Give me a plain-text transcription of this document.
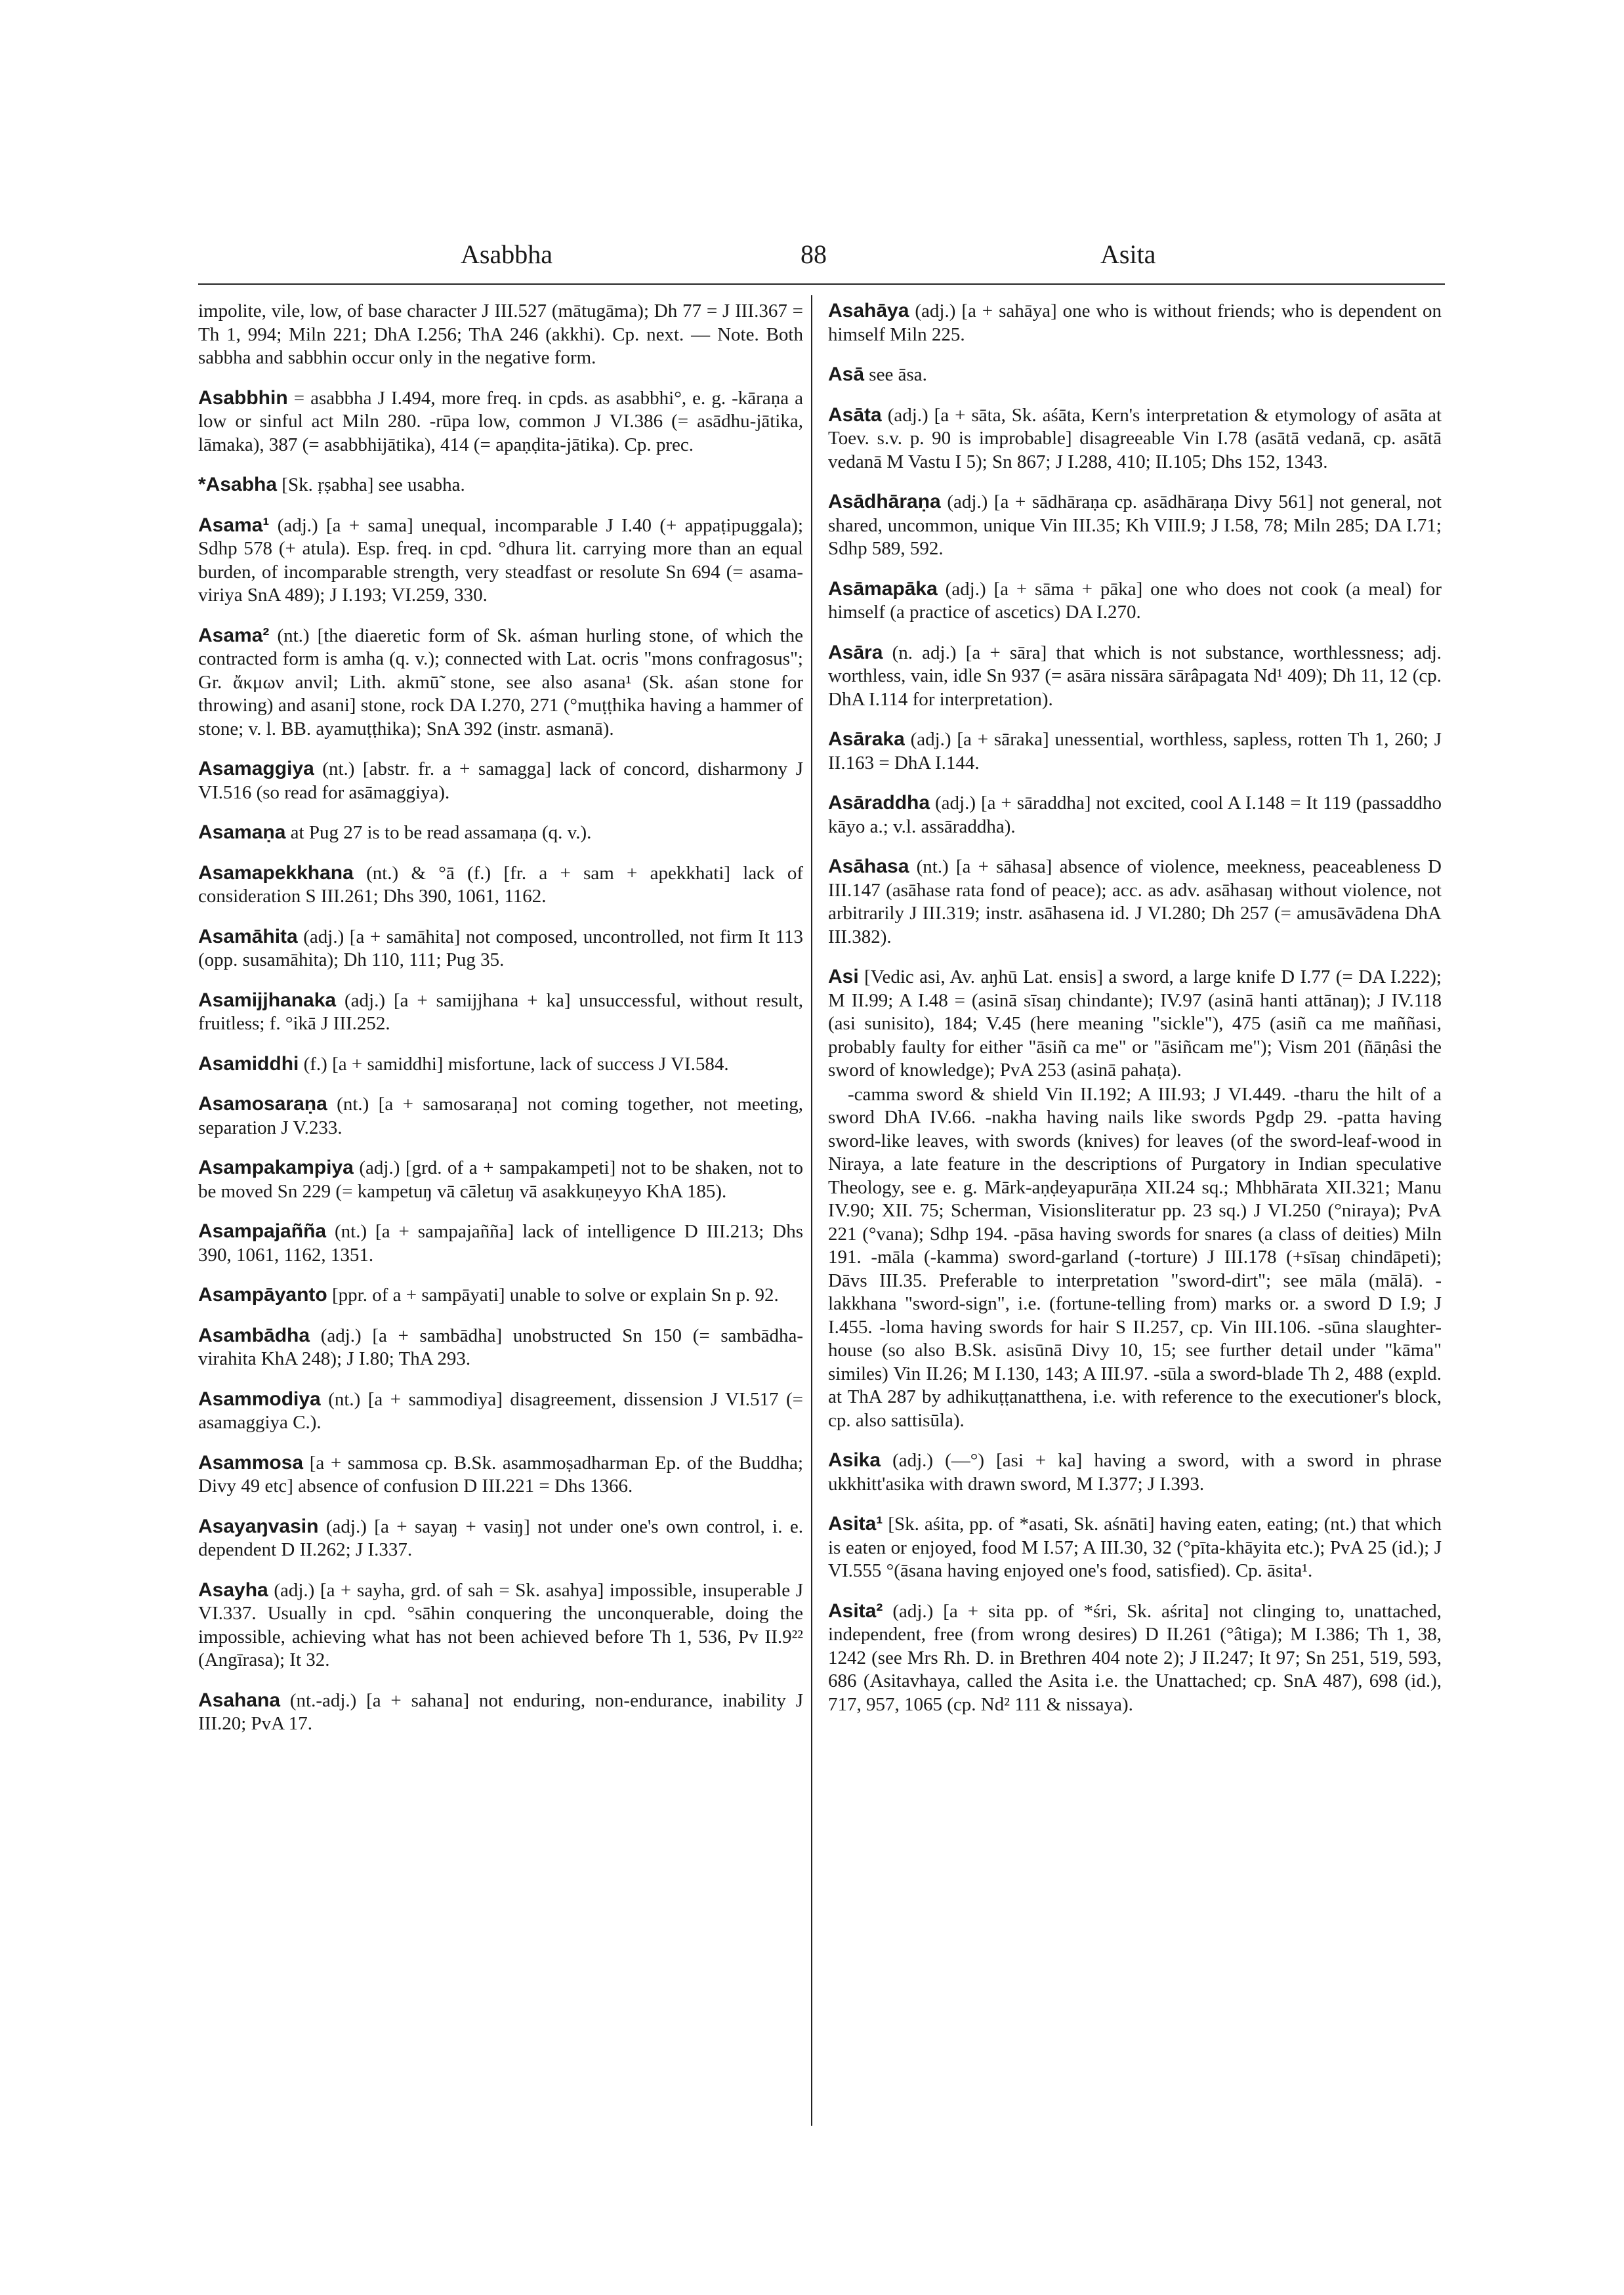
Asabbha	88	Asita

impolite, vile, low, of base character J III.527 (mātugāma); Dh 77 = J III.367 = Th 1, 994; Miln 221; DhA I.256; ThA 246 (akkhi). Cp. next. — Note. Both sabbha and sabbhin occur only in the negative form.

Asabbhin = asabbha J I.494, more freq. in cpds. as asabbhi°, e. g. -kāraṇa a low or sinful act Miln 280. -rūpa low, common J VI.386 (= asādhu-jātika, lāmaka), 387 (= asabbhijātika), 414 (= apaṇḍita-jātika). Cp. prec.

*Asabha [Sk. ṛṣabha] see usabha.

Asama¹ (adj.) [a + sama] unequal, incomparable J I.40 (+ appaṭipuggala); Sdhp 578 (+ atula). Esp. freq. in cpd. °dhura lit. carrying more than an equal burden, of incomparable strength, very steadfast or resolute Sn 694 (= asama-viriya SnA 489); J I.193; VI.259, 330.

Asama² (nt.) [the diaeretic form of Sk. aśman hurling stone, of which the contracted form is amha (q. v.); connected with Lat. ocris "mons confragosus"; Gr. ἄκμων anvil; Lith. akmū̃ stone, see also asana¹ (Sk. aśan stone for throwing) and asani] stone, rock DA I.270, 271 (°muṭṭhika having a hammer of stone; v. l. BB. ayamuṭṭhika); SnA 392 (instr. asmanā).

Asamaggiya (nt.) [abstr. fr. a + samagga] lack of concord, disharmony J VI.516 (so read for asāmaggiya).

Asamaṇa at Pug 27 is to be read assamaṇa (q. v.).

Asamapekkhana (nt.) & °ā (f.) [fr. a + sam + apekkhati] lack of consideration S III.261; Dhs 390, 1061, 1162.

Asamāhita (adj.) [a + samāhita] not composed, uncontrolled, not firm It 113 (opp. susamāhita); Dh 110, 111; Pug 35.

Asamijjhanaka (adj.) [a + samijjhana + ka] unsuccessful, without result, fruitless; f. °ikā J III.252.

Asamiddhi (f.) [a + samiddhi] misfortune, lack of success J VI.584.

Asamosaraṇa (nt.) [a + samosaraṇa] not coming together, not meeting, separation J V.233.

Asampakampiya (adj.) [grd. of a + sampakampeti] not to be shaken, not to be moved Sn 229 (= kampetuŋ vā cāletuŋ vā asakkuṇeyyo KhA 185).

Asampajañña (nt.) [a + sampajañña] lack of intelligence D III.213; Dhs 390, 1061, 1162, 1351.

Asampāyanto [ppr. of a + sampāyati] unable to solve or explain Sn p. 92.

Asambādha (adj.) [a + sambādha] unobstructed Sn 150 (= sambādha-virahita KhA 248); J I.80; ThA 293.

Asammodiya (nt.) [a + sammodiya] disagreement, dissension J VI.517 (= asamaggiya C.).

Asammosa [a + sammosa cp. B.Sk. asammoṣadharman Ep. of the Buddha; Divy 49 etc] absence of confusion D III.221 = Dhs 1366.

Asayaŋvasin (adj.) [a + sayaŋ + vasiŋ] not under one's own control, i. e. dependent D II.262; J I.337.

Asayha (adj.) [a + sayha, grd. of sah = Sk. asahya] impossible, insuperable J VI.337. Usually in cpd. °sāhin conquering the unconquerable, doing the impossible, achieving what has not been achieved before Th 1, 536, Pv II.9²² (Angīrasa); It 32.

Asahana (nt.-adj.) [a + sahana] not enduring, non-endurance, inability J III.20; PvA 17.

Asahāya (adj.) [a + sahāya] one who is without friends; who is dependent on himself Miln 225.

Asā see āsa.

Asāta (adj.) [a + sāta, Sk. aśāta, Kern's interpretation & etymology of asāta at Toev. s.v. p. 90 is improbable] disagreeable Vin I.78 (asātā vedanā, cp. asātā vedanā M Vastu I 5); Sn 867; J I.288, 410; II.105; Dhs 152, 1343.

Asādhāraṇa (adj.) [a + sādhāraṇa cp. asādhāraṇa Divy 561] not general, not shared, uncommon, unique Vin III.35; Kh VIII.9; J I.58, 78; Miln 285; DA I.71; Sdhp 589, 592.

Asāmapāka (adj.) [a + sāma + pāka] one who does not cook (a meal) for himself (a practice of ascetics) DA I.270.

Asāra (n. adj.) [a + sāra] that which is not substance, worthlessness; adj. worthless, vain, idle Sn 937 (= asāra nissāra sārâpagata Nd¹ 409); Dh 11, 12 (cp. DhA I.114 for interpretation).

Asāraka (adj.) [a + sāraka] unessential, worthless, sapless, rotten Th 1, 260; J II.163 = DhA I.144.

Asāraddha (adj.) [a + sāraddha] not excited, cool A I.148 = It 119 (passaddho kāyo a.; v.l. assāraddha).

Asāhasa (nt.) [a + sāhasa] absence of violence, meekness, peaceableness D III.147 (asāhase rata fond of peace); acc. as adv. asāhasaŋ without violence, not arbitrarily J III.319; instr. asāhasena id. J VI.280; Dh 257 (= amusāvādena DhA III.382).

Asi [Vedic asi, Av. aŋhū Lat. ensis] a sword, a large knife D I.77 (= DA I.222); M II.99; A I.48 = (asinā sīsaŋ chindante); IV.97 (asinā hanti attānaŋ); J IV.118 (asi sunisito), 184; V.45 (here meaning "sickle"), 475 (asiñ ca me maññasi, probably faulty for either "āsiñ ca me" or "āsiñcam me"); Vism 201 (ñāṇâsi the sword of knowledge); PvA 253 (asinā pahaṭa).

-camma sword & shield Vin II.192; A III.93; J VI.449. -tharu the hilt of a sword DhA IV.66. -nakha having nails like swords Pgdp 29. -patta having sword-like leaves, with swords (knives) for leaves (of the sword-leaf-wood in Niraya, a late feature in the descriptions of Purgatory in Indian speculative Theology, see e. g. Mārk-aṇḍeyapurāṇa XII.24 sq.; Mhbhārata XII.321; Manu IV.90; XII. 75; Scherman, Visionsliteratur pp. 23 sq.) J VI.250 (°niraya); PvA 221 (°vana); Sdhp 194. -pāsa having swords for snares (a class of deities) Miln 191. -māla (-kamma) sword-garland (-torture) J III.178 (+sīsaŋ chindāpeti); Dāvs III.35. Preferable to interpretation "sword-dirt"; see māla (mālā). -lakkhana "sword-sign", i.e. (fortune-telling from) marks or. a sword D I.9; J I.455. -loma having swords for hair S II.257, cp. Vin III.106. -sūna slaughter-house (so also B.Sk. asisūnā Divy 10, 15; see further detail under "kāma" similes) Vin II.26; M I.130, 143; A III.97. -sūla a sword-blade Th 2, 488 (expld. at ThA 287 by adhikuṭṭanatthena, i.e. with reference to the executioner's block, cp. also sattisūla).

Asika (adj.) (—°) [asi + ka] having a sword, with a sword in phrase ukkhitt'asika with drawn sword, M I.377; J I.393.

Asita¹ [Sk. aśita, pp. of *asati, Sk. aśnāti] having eaten, eating; (nt.) that which is eaten or enjoyed, food M I.57; A III.30, 32 (°pīta-khāyita etc.); PvA 25 (id.); J VI.555 °(āsana having enjoyed one's food, satisfied). Cp. āsita¹.

Asita² (adj.) [a + sita pp. of *śri, Sk. aśrita] not clinging to, unattached, independent, free (from wrong desires) D II.261 (°âtiga); M I.386; Th 1, 38, 1242 (see Mrs Rh. D. in Brethren 404 note 2); J II.247; It 97; Sn 251, 519, 593, 686 (Asitavhaya, called the Asita i.e. the Unattached; cp. SnA 487), 698 (id.), 717, 957, 1065 (cp. Nd² 111 & nissaya).
